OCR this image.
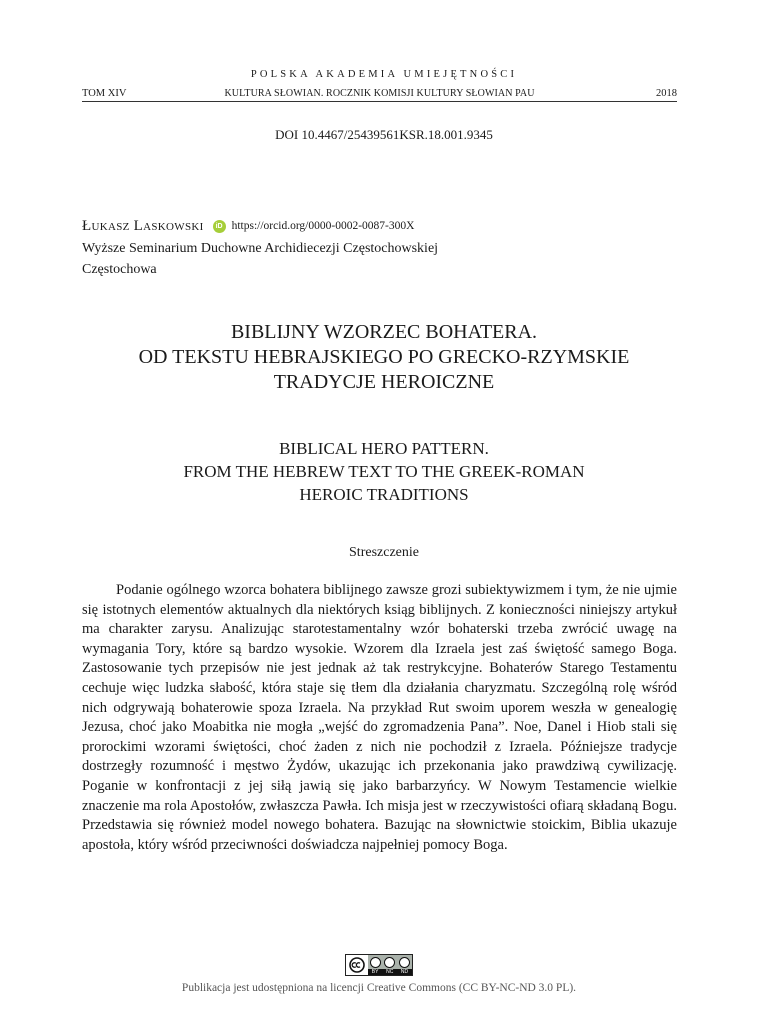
POLSKA AKADEMIA UMIEJĘTNOŚCI
KULTURA SŁOWIAN. ROCZNIK KOMISJI KULTURY SŁOWIAN PAU
TOM XIV	2018
DOI 10.4467/25439561KSR.18.001.9345
Łukasz Laskowski	iD https://orcid.org/0000-0002-0087-300X
Wyższe Seminarium Duchowne Archidiecezji Częstochowskiej
Częstochowa
BIBLIJNY WZORZEC BOHATERA.
OD TEKSTU HEBRAJSKIEGO PO GRECKO-RZYMSKIE
TRADYCJE HEROICZNE
BIBLICAL HERO PATTERN.
FROM THE HEBREW TEXT TO THE GREEK-ROMAN
HEROIC TRADITIONS
Streszczenie

Podanie ogólnego wzorca bohatera biblijnego zawsze grozi subiektywizmem i tym, że nie ujmie się istotnych elementów aktualnych dla niektórych ksiąg biblijnych. Z konieczności niniejszy artykuł ma charakter zarysu. Analizując starotestamentalny wzór bohaterski trzeba zwrócić uwagę na wymagania Tory, które są bardzo wysokie. Wzorem dla Izraela jest zaś świętość samego Boga. Zastosowanie tych przepisów nie jest jednak aż tak restrykcyjne. Bohaterów Starego Testamentu cechuje więc ludzka słabość, która staje się tłem dla działania charyzmatu. Szczególną rolę wśród nich odgrywają bohaterowie spoza Izraela. Na przykład Rut swoim uporem weszła w genealogię Jezusa, choć jako Moabitka nie mogła „wejść do zgromadzenia Pana”. Noe, Danel i Hiob stali się prorockimi wzorami świętości, choć żaden z nich nie pochodził z Izraela. Późniejsze tradycje dostrzegły rozumność i męstwo Żydów, ukazując ich przekonania jako prawdziwą cywilizację. Poganie w konfrontacji z jej siłą jawią się jako barbarzyńcy. W Nowym Testamencie wielkie znaczenie ma rola Apostołów, zwłaszcza Pawła. Ich misja jest w rzeczywistości ofiarą składaną Bogu. Przedstawia się również model nowego bohatera. Bazując na słownictwie stoickim, Biblia ukazuje apostoła, który wśród przeciwności doświadcza najpełniej pomocy Boga.

BY NC ND
Publikacja jest udostępniona na licencji Creative Commons (CC BY-NC-ND 3.0 PL).
